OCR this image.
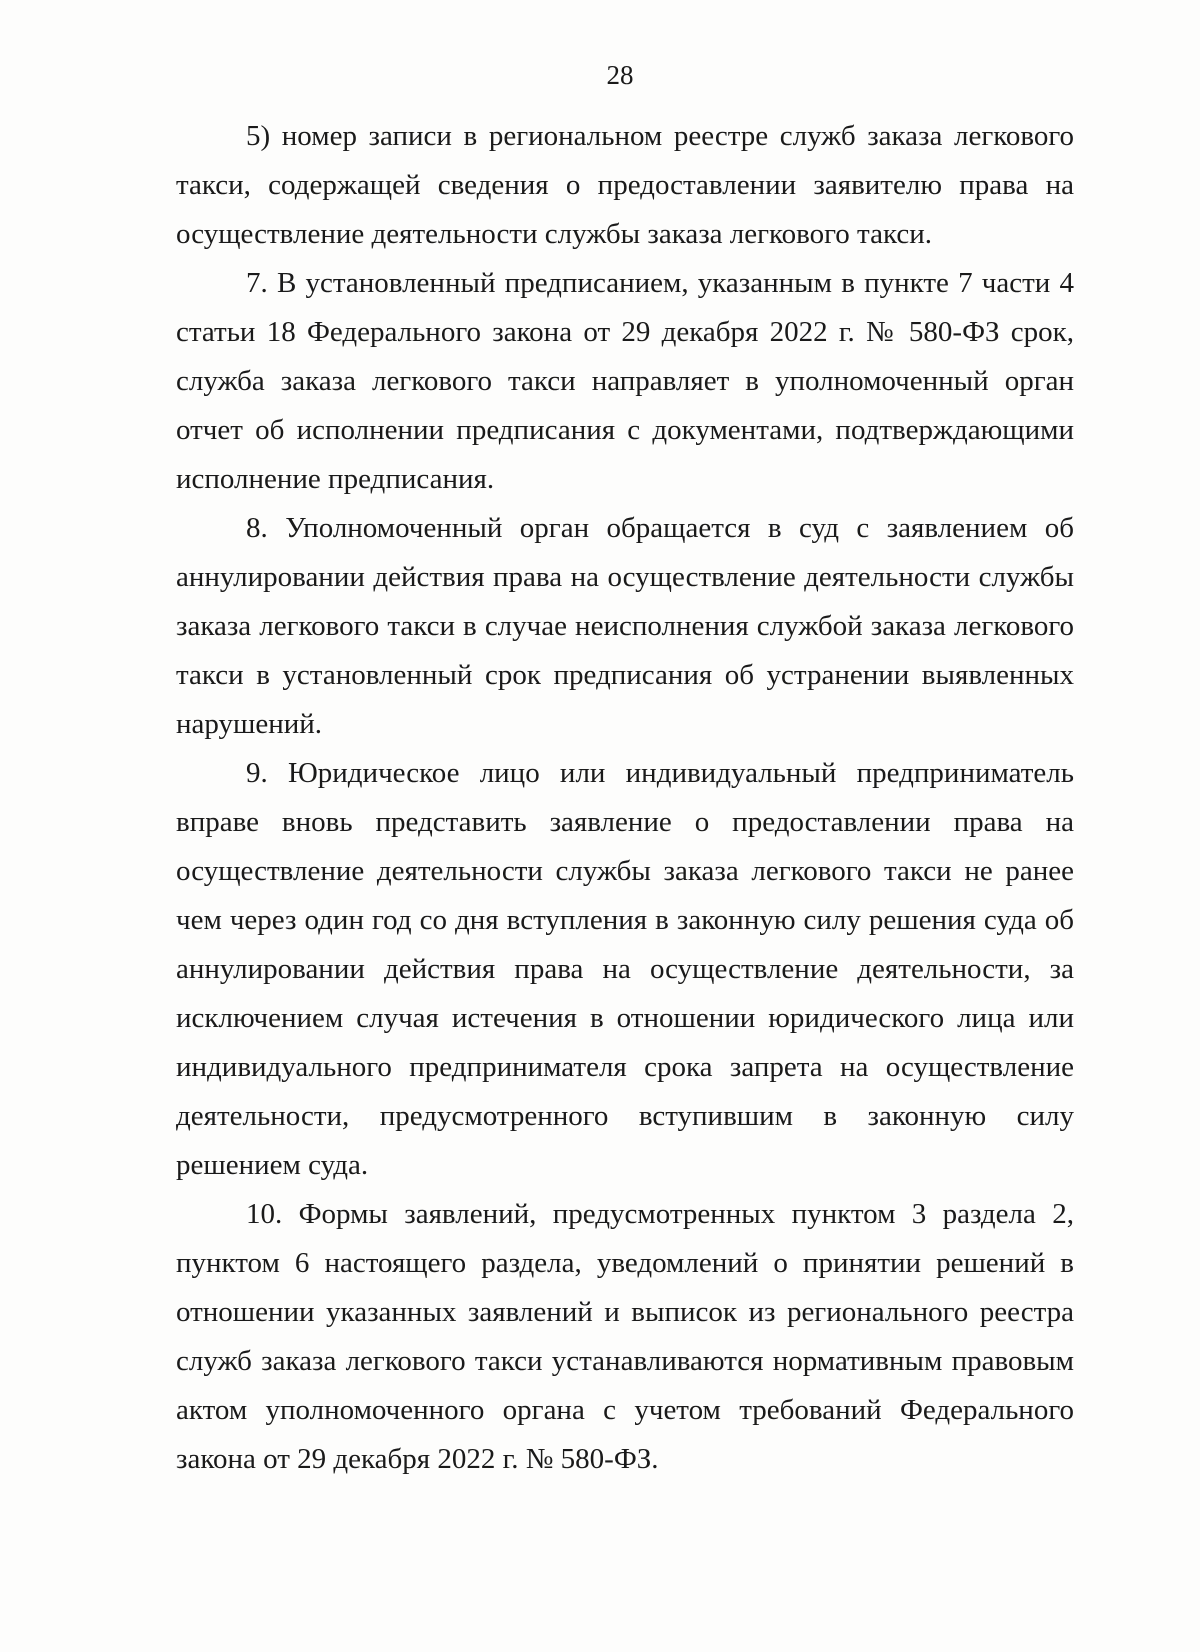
28

5) номер записи в региональном реестре служб заказа легкового такси, содержащей сведения о предоставлении заявителю права на осуществление деятельности службы заказа легкового такси.

7. В установленный предписанием, указанным в пункте 7 части 4 статьи 18 Федерального закона от 29 декабря 2022 г. № 580-ФЗ срок, служба заказа легкового такси направляет в уполномоченный орган отчет об исполнении предписания с документами, подтверждающими исполнение предписания.

8. Уполномоченный орган обращается в суд с заявлением об аннулировании действия права на осуществление деятельности службы заказа легкового такси в случае неисполнения службой заказа легкового такси в установленный срок предписания об устранении выявленных нарушений.

9. Юридическое лицо или индивидуальный предприниматель вправе вновь представить заявление о предоставлении права на осуществление деятельности службы заказа легкового такси не ранее чем через один год со дня вступления в законную силу решения суда об аннулировании действия права на осуществление деятельности, за исключением случая истечения в отношении юридического лица или индивидуального предпринимателя срока запрета на осуществление деятельности, предусмотренного вступившим в законную силу решением суда.

10. Формы заявлений, предусмотренных пунктом 3 раздела 2, пунктом 6 настоящего раздела, уведомлений о принятии решений в отношении указанных заявлений и выписок из регионального реестра служб заказа легкового такси устанавливаются нормативным правовым актом уполномоченного органа с учетом требований Федерального закона от 29 декабря 2022 г. № 580-ФЗ.
